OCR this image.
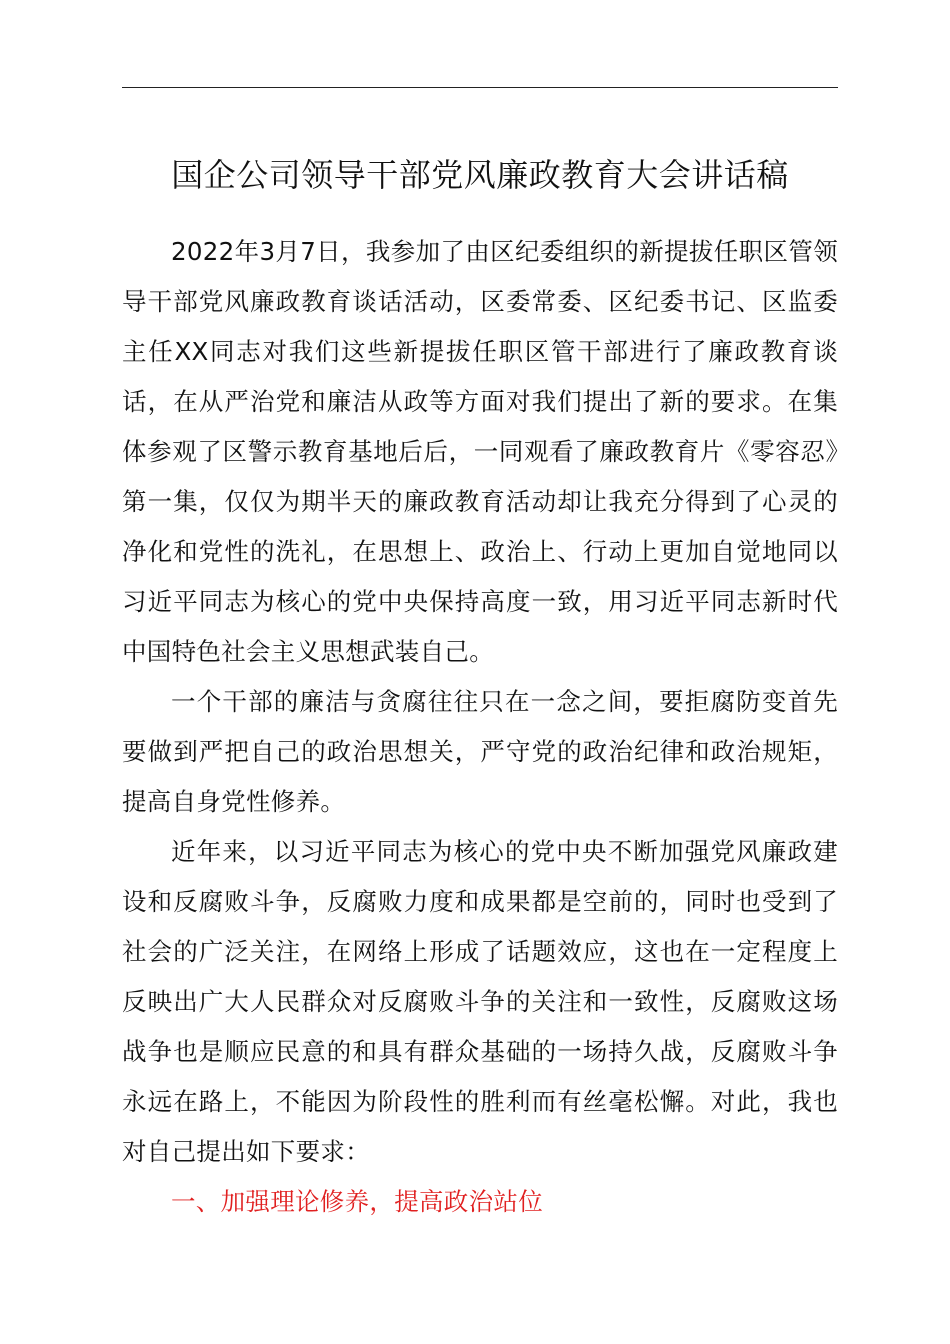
国企公司领导干部党风廉政教育大会讲话稿

2022年3月7日，我参加了由区纪委组织的新提拔任职区管领导干部党风廉政教育谈话活动，区委常委、区纪委书记、区监委主任XX同志对我们这些新提拔任职区管干部进行了廉政教育谈话，在从严治党和廉洁从政等方面对我们提出了新的要求。在集体参观了区警示教育基地后后，一同观看了廉政教育片《零容忍》第一集，仅仅为期半天的廉政教育活动却让我充分得到了心灵的净化和党性的洗礼，在思想上、政治上、行动上更加自觉地同以习近平同志为核心的党中央保持高度一致，用习近平同志新时代中国特色社会主义思想武装自己。

一个干部的廉洁与贪腐往往只在一念之间，要拒腐防变首先要做到严把自己的政治思想关，严守党的政治纪律和政治规矩，提高自身党性修养。

近年来，以习近平同志为核心的党中央不断加强党风廉政建设和反腐败斗争，反腐败力度和成果都是空前的，同时也受到了社会的广泛关注，在网络上形成了话题效应，这也在一定程度上反映出广大人民群众对反腐败斗争的关注和一致性，反腐败这场战争也是顺应民意的和具有群众基础的一场持久战，反腐败斗争永远在路上，不能因为阶段性的胜利而有丝毫松懈。对此，我也对自己提出如下要求：

一、加强理论修养，提高政治站位
